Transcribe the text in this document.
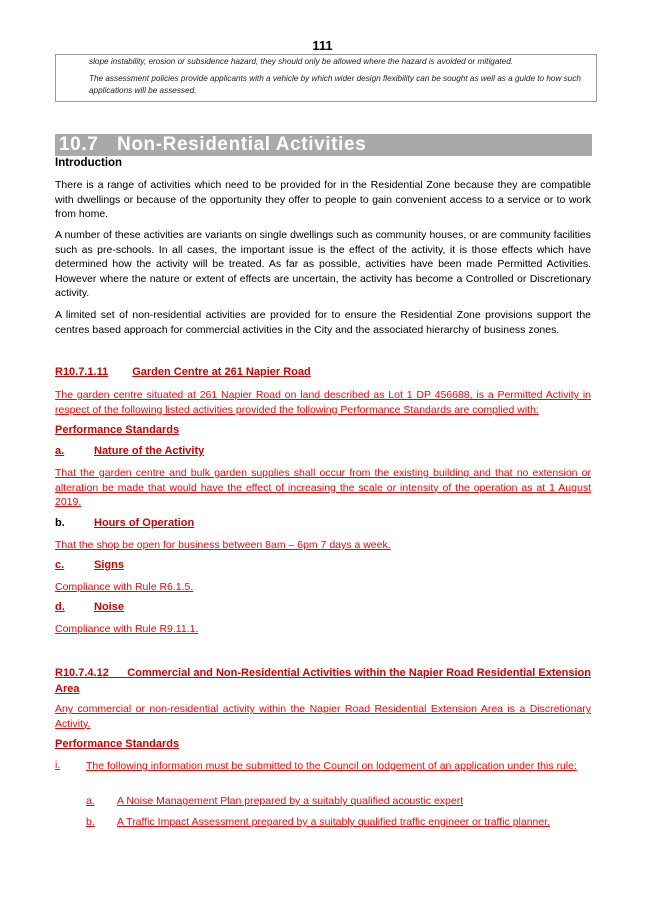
111

slope instability, erosion or subsidence hazard, they should only be allowed where the hazard is avoided or mitigated.

The assessment policies provide applicants with a vehicle by which wider design flexibility can be sought as well as a guide to how such applications will be assessed.

10.7 Non-Residential Activities
Introduction

There is a range of activities which need to be provided for in the Residential Zone because they are compatible with dwellings or because of the opportunity they offer to people to gain convenient access to a service or to work from home.

A number of these activities are variants on single dwellings such as community houses, or are community facilities such as pre-schools. In all cases, the important issue is the effect of the activity, it is those effects which have determined how the activity will be treated. As far as possible, activities have been made Permitted Activities. However where the nature or extent of effects are uncertain, the activity has become a Controlled or Discretionary activity.

A limited set of non-residential activities are provided for to ensure the Residential Zone provisions support the centres based approach for commercial activities in the City and the associated hierarchy of business zones.

R10.7.1.11 Garden Centre at 261 Napier Road

The garden centre situated at 261 Napier Road on land described as Lot 1 DP 456688, is a Permitted Activity in respect of the following listed activities provided the following Performance Standards are complied with:

Performance Standards
a.	Nature of the Activity

That the garden centre and bulk garden supplies shall occur from the existing building and that no extension or alteration be made that would have the effect of increasing the scale or intensity of the operation as at 1 August 2019.

b.	Hours of Operation

That the shop be open for business between 8am – 6pm 7 days a week.

c.	Signs

Compliance with Rule R6.1.5.

d.	Noise

Compliance with Rule R9.11.1.

R10.7.4.12 Commercial and Non-Residential Activities within the Napier Road Residential Extension Area

Any commercial or non-residential activity within the Napier Road Residential Extension Area is a Discretionary Activity.

Performance Standards
i. The following information must be submitted to the Council on lodgement of an application under this rule:

a. A Noise Management Plan prepared by a suitably qualified acoustic expert
b. A Traffic Impact Assessment prepared by a suitably qualified traffic engineer or traffic planner.
